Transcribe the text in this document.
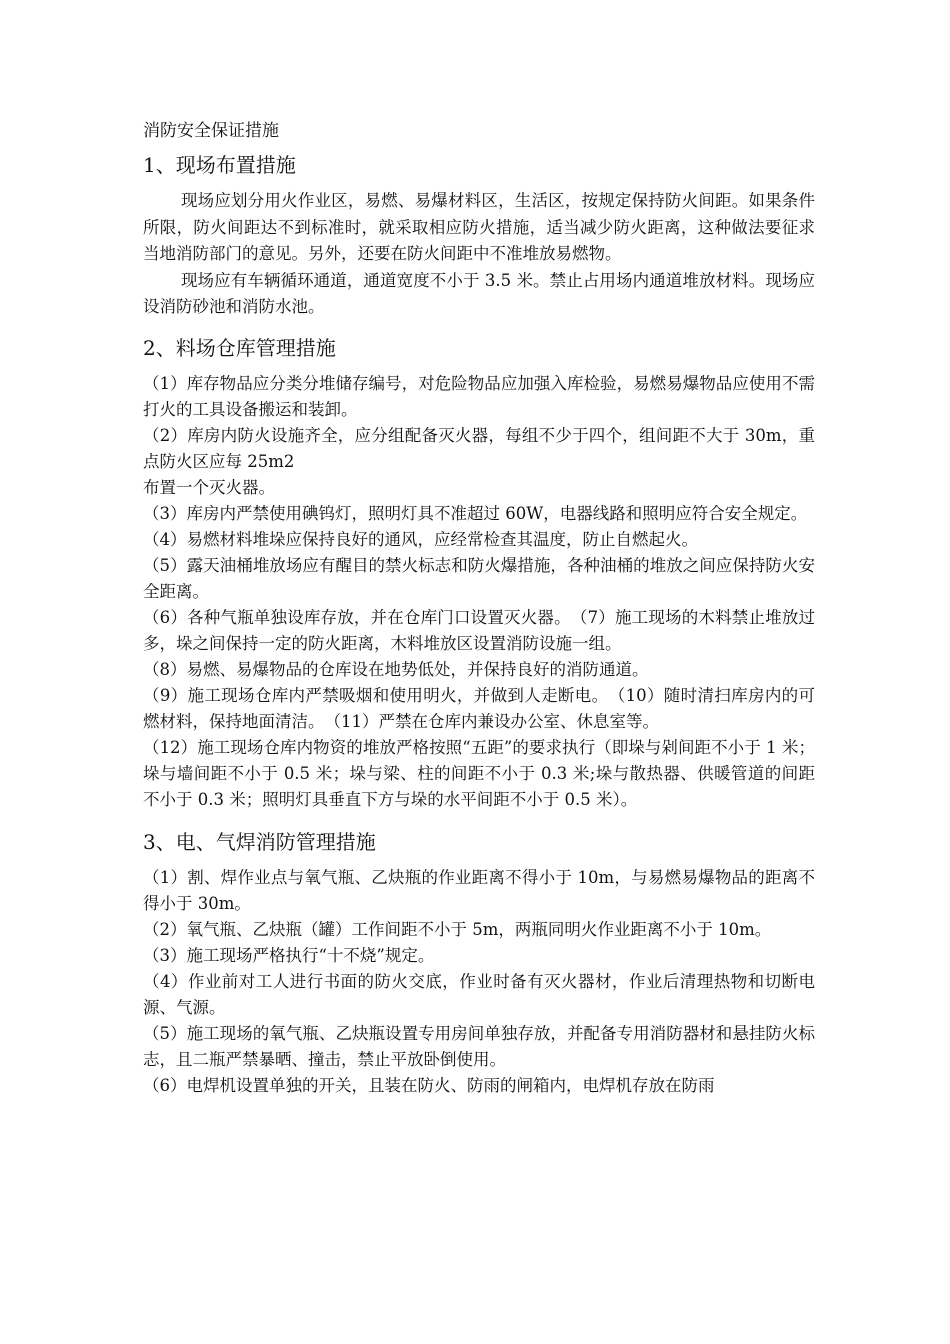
消防安全保证措施

1、现场布置措施

现场应划分用火作业区，易燃、易爆材料区，生活区，按规定保持防火间距。如果条件所限，防火间距达不到标准时，就采取相应防火措施，适当减少防火距离，这种做法要征求当地消防部门的意见。另外，还要在防火间距中不准堆放易燃物。

现场应有车辆循环通道，通道宽度不小于 3.5 米。禁止占用场内通道堆放材料。现场应设消防砂池和消防水池。

2、料场仓库管理措施

（1）库存物品应分类分堆储存编号，对危险物品应加强入库检验，易燃易爆物品应使用不需打火的工具设备搬运和装卸。

（2）库房内防火设施齐全，应分组配备灭火器，每组不少于四个，组间距不大于 30m，重点防火区应每 25m2

布置一个灭火器。

（3）库房内严禁使用碘钨灯，照明灯具不准超过 60W，电器线路和照明应符合安全规定。

（4）易燃材料堆垛应保持良好的通风，应经常检查其温度，防止自燃起火。

（5）露天油桶堆放场应有醒目的禁火标志和防火爆措施，各种油桶的堆放之间应保持防火安全距离。

（6）各种气瓶单独设库存放，并在仓库门口设置灭火器。　（7）施工现场的木料禁止堆放过多，垛之间保持一定的防火距离，木料堆放区设置消防设施一组。

（8）易燃、易爆物品的仓库设在地势低处，并保持良好的消防通道。

（9）施工现场仓库内严禁吸烟和使用明火，并做到人走断电。　（10）随时清扫库房内的可燃材料，保持地面清洁。　（11）严禁在仓库内兼设办公室、休息室等。

（12）施工现场仓库内物资的堆放严格按照“五距”的要求执行（即垛与剁间距不小于 1 米；垛与墙间距不小于 0.5 米；垛与梁、柱的间距不小于 0.3 米;垛与散热器、供暖管道的间距不小于 0.3 米；照明灯具垂直下方与垛的水平间距不小于 0.5 米）。

3、电、气焊消防管理措施

（1）割、焊作业点与氧气瓶、乙炔瓶的作业距离不得小于 10m，与易燃易爆物品的距离不得小于 30m。

（2）氧气瓶、乙炔瓶（罐）工作间距不小于 5m，两瓶同明火作业距离不小于 10m。

（3）施工现场严格执行“十不烧”规定。

（4）作业前对工人进行书面的防火交底，作业时备有灭火器材，作业后清理热物和切断电源、气源。

（5）施工现场的氧气瓶、乙炔瓶设置专用房间单独存放，并配备专用消防器材和悬挂防火标志，且二瓶严禁暴晒、撞击，禁止平放卧倒使用。

（6）电焊机设置单独的开关，且装在防火、防雨的闸箱内，电焊机存放在防雨
